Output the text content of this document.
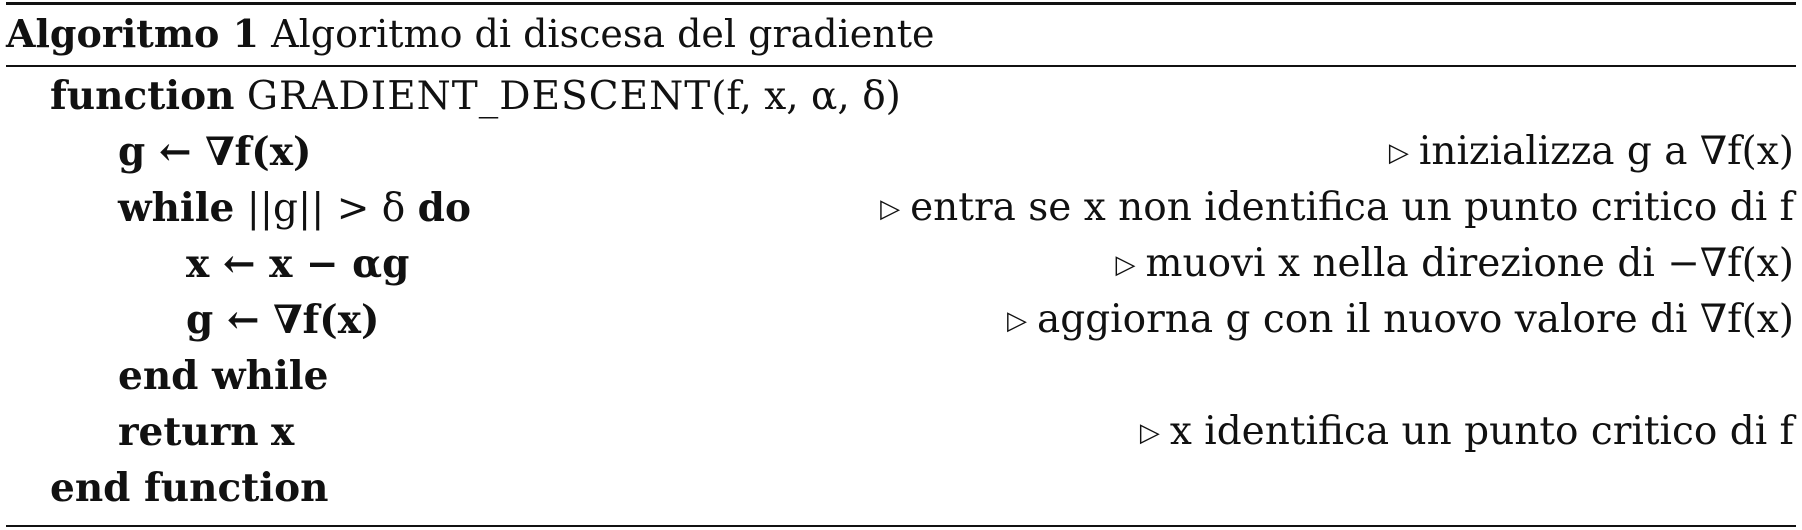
Algoritmo 1 Algoritmo di discesa del gradiente
function GRADIENT_DESCENT(f, x, α, δ)
g ← ∇f(x)	▷ inizializza g a ∇f(x)
while ||g|| > δ do	▷ entra se x non identifica un punto critico di f
x ← x − αg	▷ muovi x nella direzione di −∇f(x)
g ← ∇f(x)	▷ aggiorna g con il nuovo valore di ∇f(x)
end while
return x	▷ x identifica un punto critico di f
end function
